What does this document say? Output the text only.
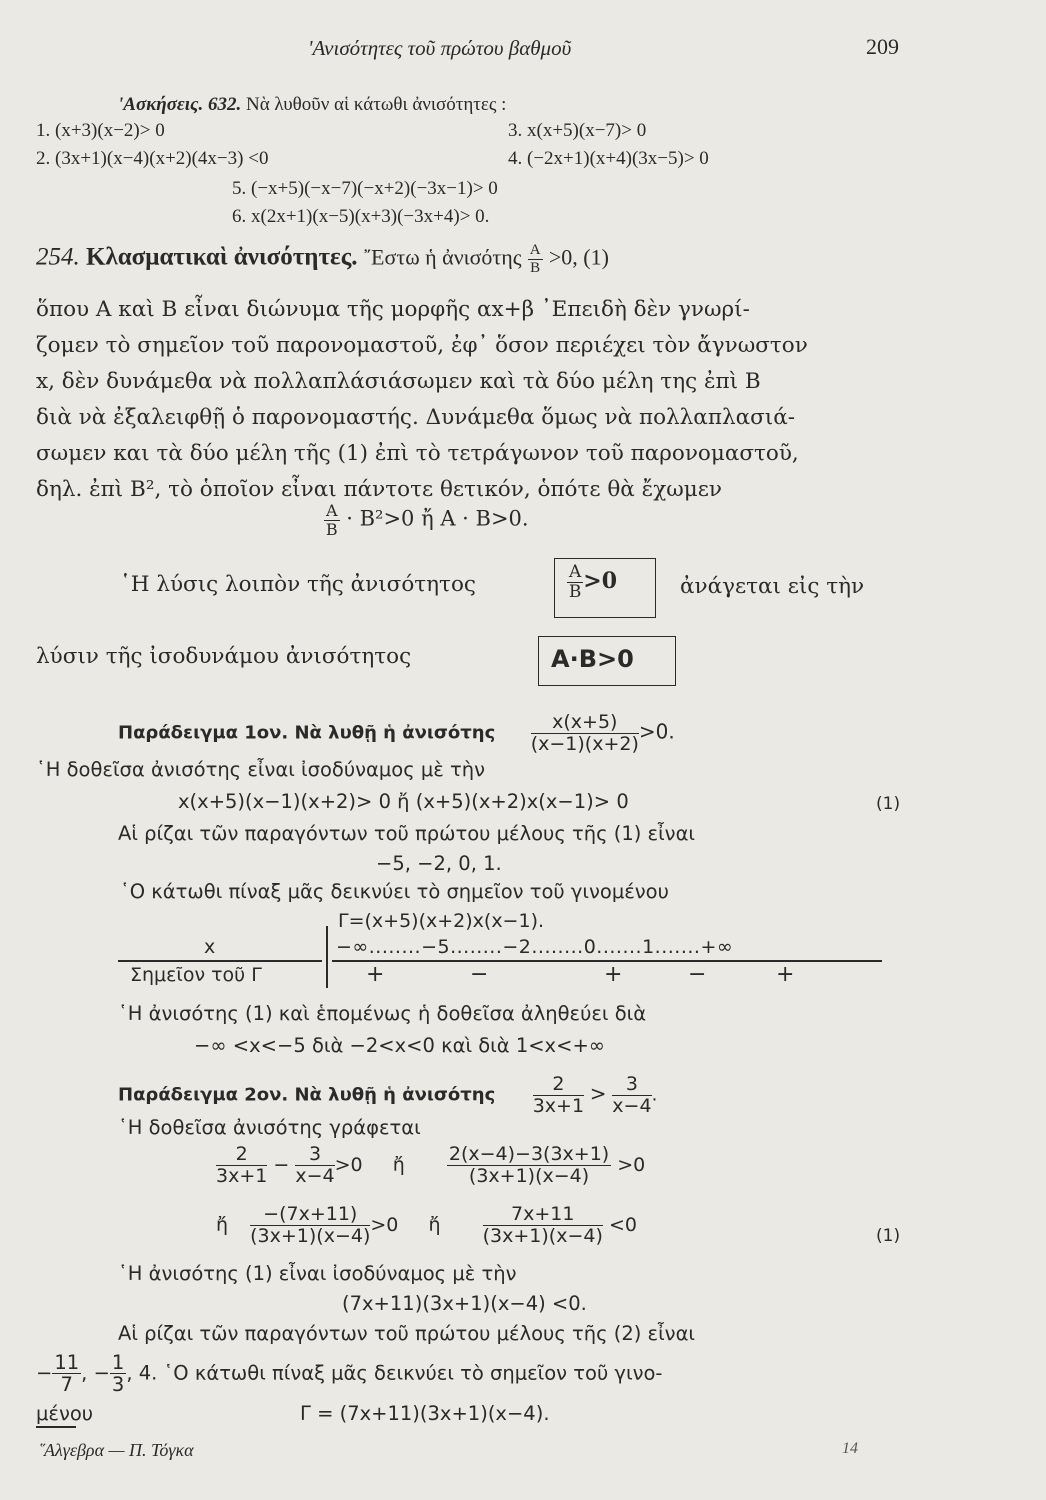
'Ανισότητες τοῦ πρώτου βαθμοῦ	209
'Ασκήσεις. 632. Νὰ λυθοῦν αἱ κάτωθι ἀνισότητες :
1. (x+3)(x−2)> 0	3. x(x+5)(x−7)> 0
2. (3x+1)(x−4)(x+2)(4x−3) <0	4. (−2x+1)(x+4)(3x−5)> 0
5. (−x+5)(−x−7)(−x+2)(−3x−1)> 0
6. x(2x+1)(x−5)(x+3)(−3x+4)> 0.
254. Κλασματικαὶ ἀνισότητες. ῎Εστω ἡ ἀνισότης $\frac{A}{B} >0$, (1)
ὅπου A καὶ B εἶναι διώνυμα τῆς μορφῆς αx+β ᾽Επειδὴ δὲν γνωρί-
ζομεν τὸ σημεῖον τοῦ παρονομαστοῦ, ἐφ᾽ ὅσον περιέχει τὸν ἄγνωστον
x, δὲν δυνάμεθα νὰ πολλαπλάσιάσωμεν καὶ τὰ δύο μέλη της ἐπὶ B
διὰ νὰ ἐξαλειφθῇ ὁ παρονομαστής. Δυνάμεθα ὅμως νὰ πολλαπλασιά-
σωμεν και τὰ δύο μέλη τῆς (1) ἐπὶ τὸ τετράγωνον τοῦ παρονομαστοῦ,
δηλ. ἐπὶ B², τὸ ὁποῖον εἶναι πάντοτε θετικόν, ὁπότε θὰ ἔχωμεν
$\frac{A}{B} \cdot B^2>0$ ἤ A · B>0.
῾Η λύσις λοιπὸν τῆς ἀνισότητος	$\frac{A}{B} >0$	ἀνάγεται εἰς τὴν
λύσιν τῆς ἰσοδυνάμου ἀνισότητος	A·B>0
Παράδειγμα 1ον. Νὰ λυθῇ ἡ ἀνισότης $\frac{x(x+5)}{(x-1)(x+2)} >0$.
῾Η δοθεῖσα ἀνισότης εἶναι ἰσοδύναμος μὲ τὴν
x(x+5)(x−1)(x+2)> 0 ἤ (x+5)(x+2)x(x−1)> 0	(1)
Αἱ ρίζαι τῶν παραγόντων τοῦ πρώτου μέλους τῆς (1) εἶναι
−5, −2, 0, 1.
῾Ο κάτωθι πίναξ μᾶς δεικνύει τὸ σημεῖον τοῦ γινομένου
Γ=(x+5)(x+2)x(x−1).
x	−∞........−5........−2........0.......1.......+∞
Σημεῖον τοῦ Γ	+	−	+	−	+
῾Η ἀνισότης (1) καὶ ἑπομένως ἡ δοθεῖσα ἀληθεύει διὰ
−∞ <x<−5 διὰ −2<x<0 καὶ διὰ 1<x<+∞
Παράδειγμα 2ον. Νὰ λυθῇ ἡ ἀνισότης $\frac{2}{3x+1} > \frac{3}{x-4}$ .
῾Η δοθεῖσα ἀνισότης γράφεται
$\frac{2}{3x+1} - \frac{3}{x-4} >0$ ἤ $\frac{2(x-4)-3(3x+1)}{(3x+1)(x-4)} >0$
ἤ $\frac{-(7x+11)}{(3x+1)(x-4)} >0$ ἤ $\frac{7x+11}{(3x+1)(x-4)} <0$
(1)
῾Η ἀνισότης (1) εἶναι ἰσοδύναμος μὲ τὴν
(7x+11)(3x+1)(x−4) <0.
Αἱ ρίζαι τῶν παραγόντων τοῦ πρώτου μέλους τῆς (2) εἶναι
− $\frac{11}{7}$ , − $\frac{1}{3}$ , 4. ῾Ο κάτωθι πίναξ μᾶς δεικνύει τὸ σημεῖον τοῦ γινο-
μένου	Γ = (7x+11)(3x+1)(x−4).
῞Αλγεβρα — Π. Τόγκα	14
